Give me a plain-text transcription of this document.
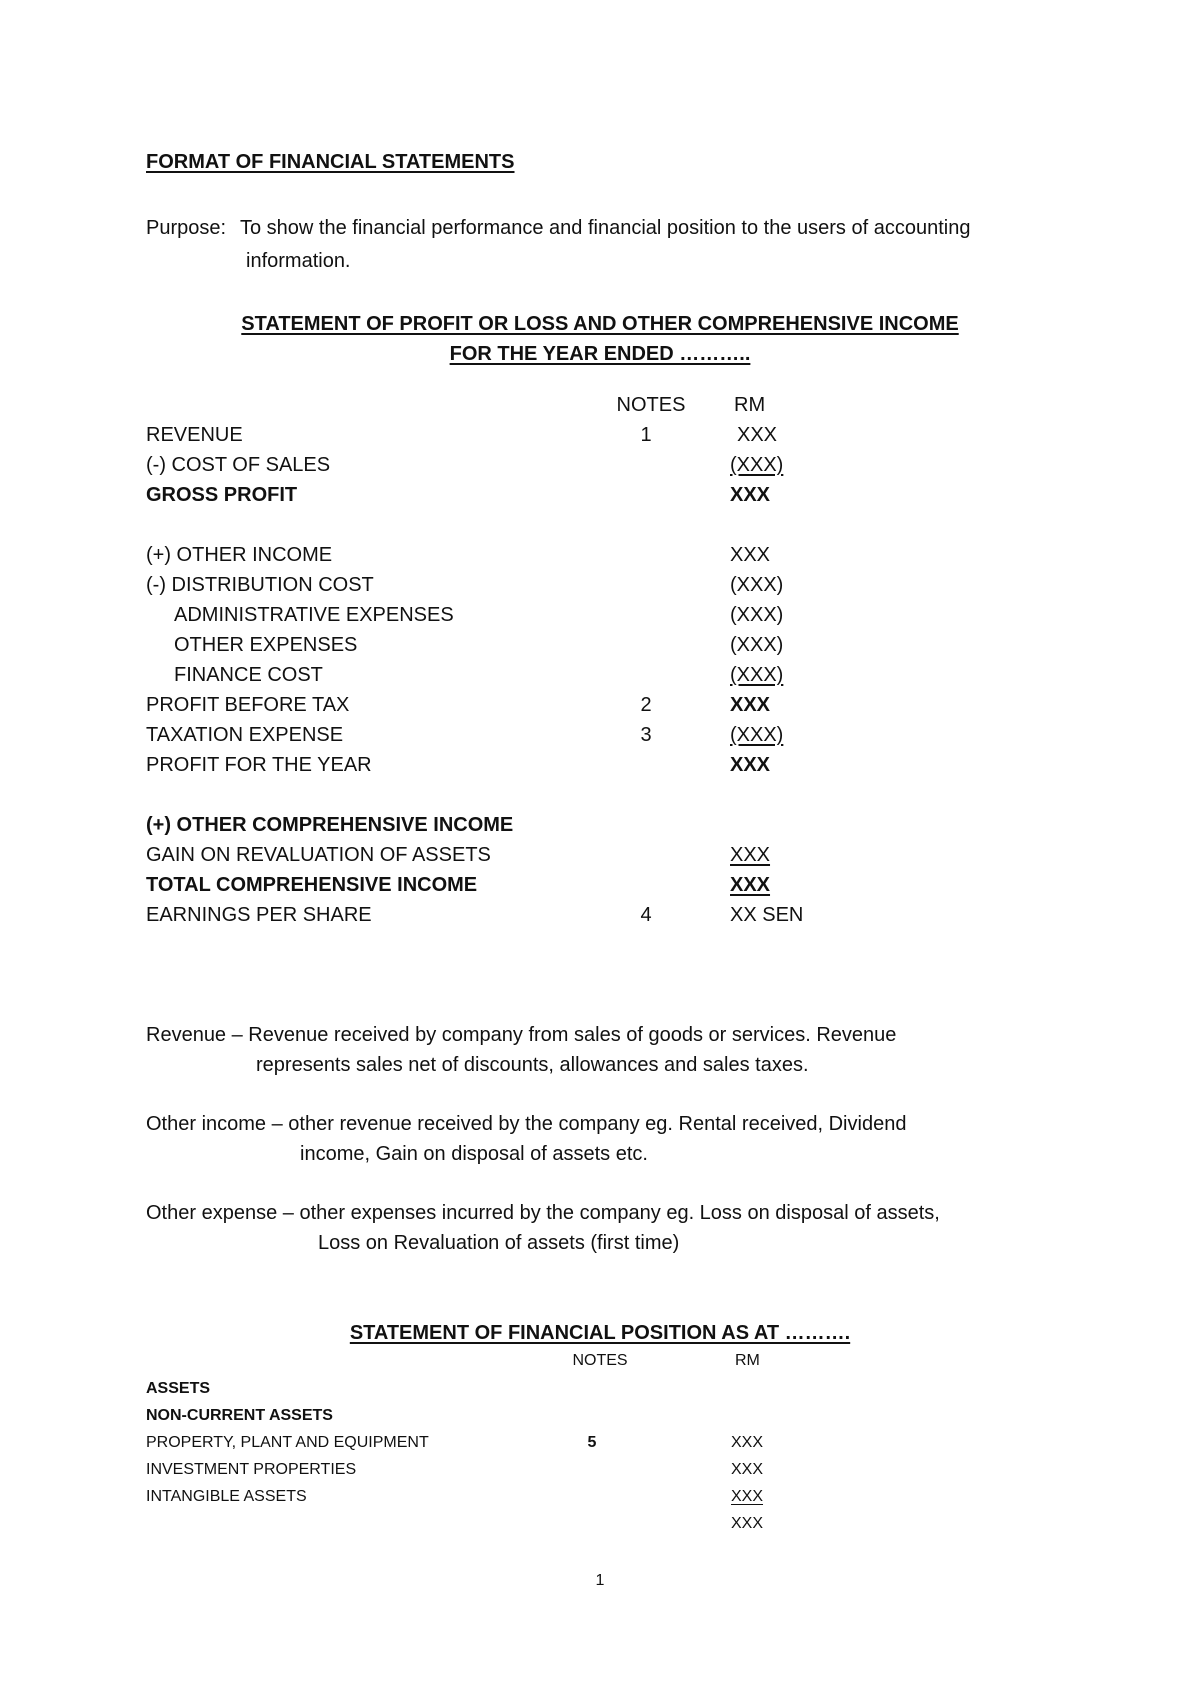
FORMAT OF FINANCIAL STATEMENTS
Purpose: To show the financial performance and financial position to the users of accounting
information.
STATEMENT OF PROFIT OR LOSS AND OTHER COMPREHENSIVE INCOME
FOR THE YEAR ENDED ………..
NOTES	RM
REVENUE	1	XXX
(-) COST OF SALES	(XXX)
GROSS PROFIT	XXX
(+) OTHER INCOME	XXX
(-) DISTRIBUTION COST	(XXX)
ADMINISTRATIVE EXPENSES	(XXX)
OTHER EXPENSES	(XXX)
FINANCE COST	(XXX)
PROFIT BEFORE TAX	2	XXX
TAXATION EXPENSE	3	(XXX)
PROFIT FOR THE YEAR	XXX
(+) OTHER COMPREHENSIVE INCOME
GAIN ON REVALUATION OF ASSETS	XXX
TOTAL COMPREHENSIVE INCOME	XXX
EARNINGS PER SHARE	4	XX SEN
Revenue – Revenue received by company from sales of goods or services. Revenue
represents sales net of discounts, allowances and sales taxes.
Other income – other revenue received by the company eg. Rental received, Dividend
income, Gain on disposal of assets etc.
Other expense – other expenses incurred by the company eg. Loss on disposal of assets,
Loss on Revaluation of assets (first time)
STATEMENT OF FINANCIAL POSITION AS AT ……….
NOTES	RM
ASSETS
NON-CURRENT ASSETS
PROPERTY, PLANT AND EQUIPMENT	5	XXX
INVESTMENT PROPERTIES	XXX
INTANGIBLE ASSETS	XXX
XXX
1
